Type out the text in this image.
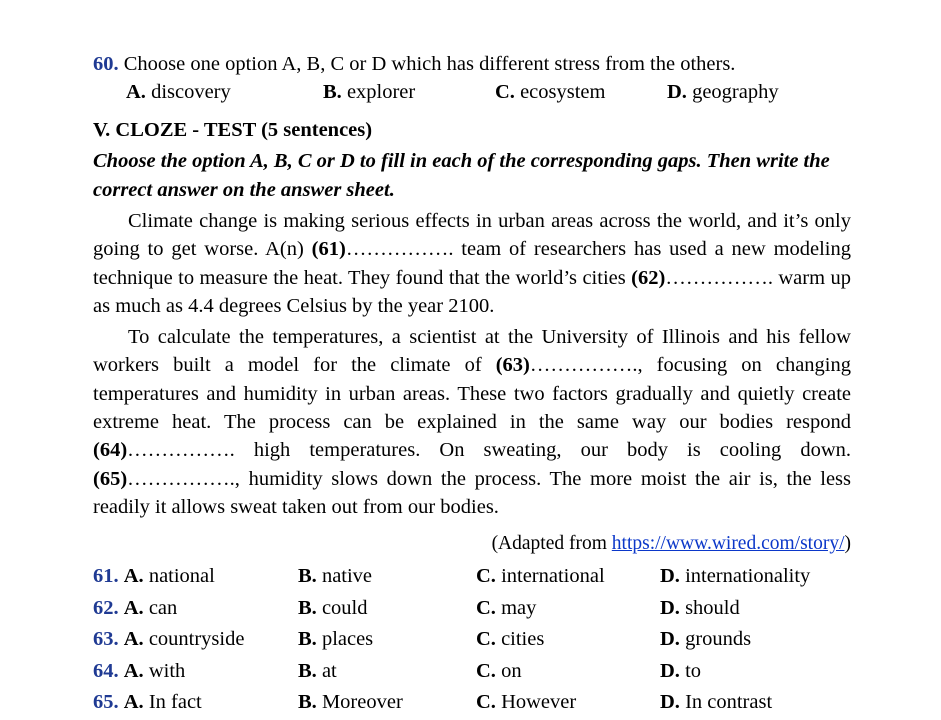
60. Choose one option A, B, C or D which has different stress from the others.
A. discovery	B. explorer	C. ecosystem	D. geography
V. CLOZE - TEST (5 sentences)
Choose the option A, B, C or D to fill in each of the corresponding gaps. Then write the correct answer on the answer sheet.
Climate change is making serious effects in urban areas across the world, and it’s only going to get worse. A(n) (61)……………. team of researchers has used a new modeling technique to measure the heat. They found that the world’s cities (62)……………. warm up as much as 4.4 degrees Celsius by the year 2100.
To calculate the temperatures, a scientist at the University of Illinois and his fellow workers built a model for the climate of (63)……………., focusing on changing temperatures and humidity in urban areas. These two factors gradually and quietly create extreme heat. The process can be explained in the same way our bodies respond (64)……………. high temperatures. On sweating, our body is cooling down. (65)……………., humidity slows down the process. The more moist the air is, the less readily it allows sweat taken out from our bodies.
(Adapted from https://www.wired.com/story/)
61. A. national	B. native	C. international	D. internationality
62. A. can	B. could	C. may	D. should
63. A. countryside	B. places	C. cities	D. grounds
64. A. with	B. at	C. on	D. to
65. A. In fact	B. Moreover	C. However	D. In contrast
